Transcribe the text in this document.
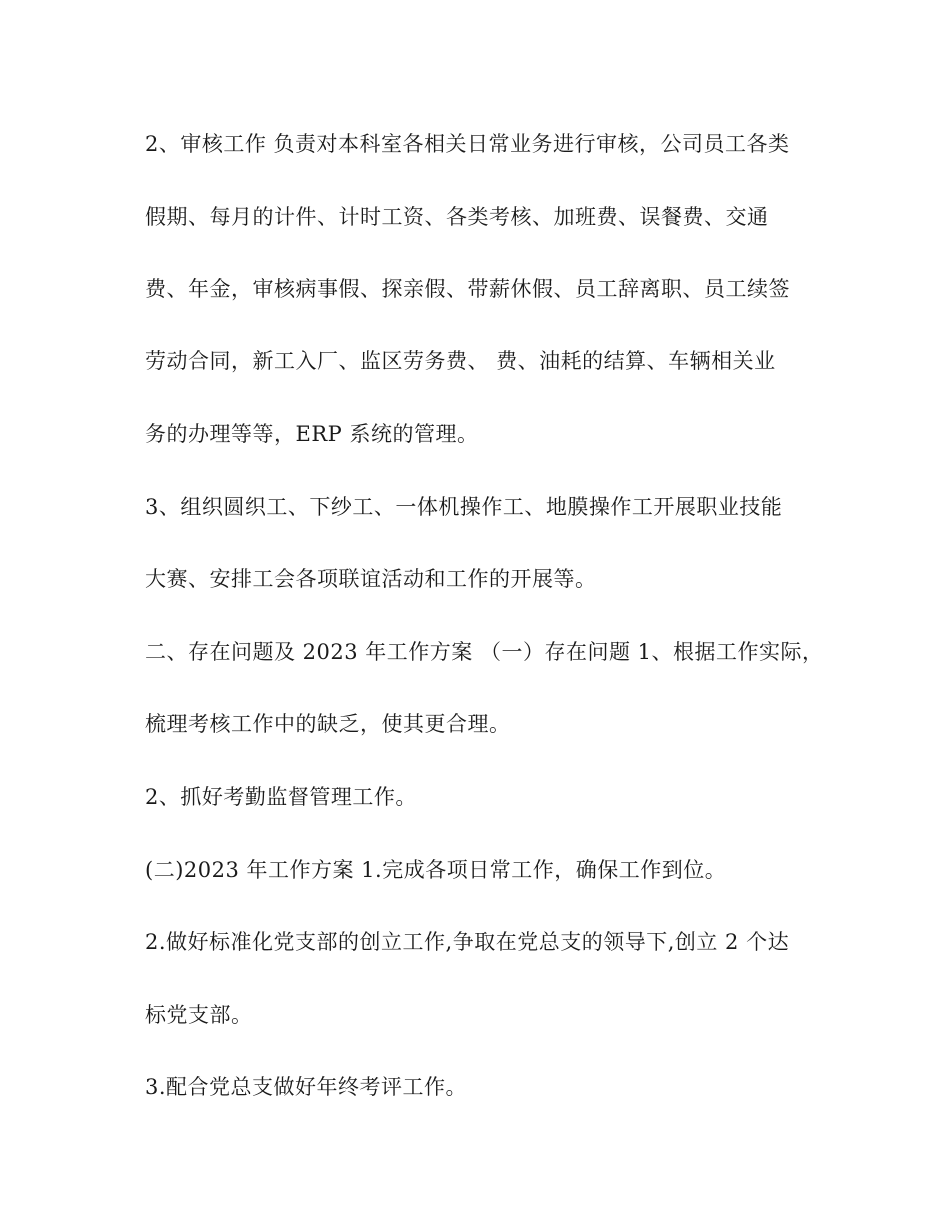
2、审核工作 负责对本科室各相关日常业务进行审核，公司员工各类
假期、每月的计件、计时工资、各类考核、加班费、误餐费、交通
费、年金，审核病事假、探亲假、带薪休假、员工辞离职、员工续签
劳动合同，新工入厂、监区劳务费、 费、油耗的结算、车辆相关业
务的办理等等，ERP 系统的管理。
3、组织圆织工、下纱工、一体机操作工、地膜操作工开展职业技能
大赛、安排工会各项联谊活动和工作的开展等。
二、存在问题及 2023 年工作方案 （一）存在问题 1、根据工作实际，
梳理考核工作中的缺乏，使其更合理。
2、抓好考勤监督管理工作。
(二)2023 年工作方案 1.完成各项日常工作，确保工作到位。
2.做好标准化党支部的创立工作,争取在党总支的领导下,创立 2 个达
标党支部。
3.配合党总支做好年终考评工作。
